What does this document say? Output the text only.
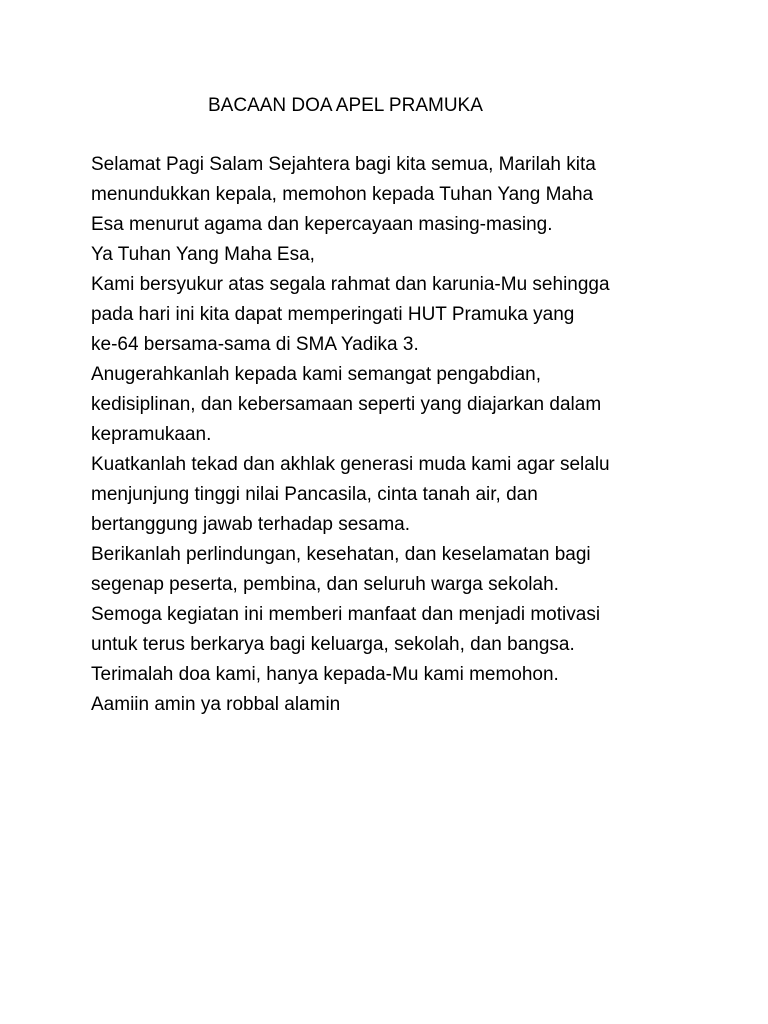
BACAAN DOA APEL PRAMUKA
Selamat Pagi Salam Sejahtera bagi kita semua, Marilah kita
menundukkan kepala, memohon kepada Tuhan Yang Maha
Esa menurut agama dan kepercayaan masing-masing.
Ya Tuhan Yang Maha Esa,
Kami bersyukur atas segala rahmat dan karunia-Mu sehingga
pada hari ini kita dapat memperingati HUT Pramuka yang
ke-64 bersama-sama di SMA Yadika 3.
Anugerahkanlah kepada kami semangat pengabdian,
kedisiplinan, dan kebersamaan seperti yang diajarkan dalam
kepramukaan.
Kuatkanlah tekad dan akhlak generasi muda kami agar selalu
menjunjung tinggi nilai Pancasila, cinta tanah air, dan
bertanggung jawab terhadap sesama.
Berikanlah perlindungan, kesehatan, dan keselamatan bagi
segenap peserta, pembina, dan seluruh warga sekolah.
Semoga kegiatan ini memberi manfaat dan menjadi motivasi
untuk terus berkarya bagi keluarga, sekolah, dan bangsa.
Terimalah doa kami, hanya kepada-Mu kami memohon.
Aamiin amin ya robbal alamin
